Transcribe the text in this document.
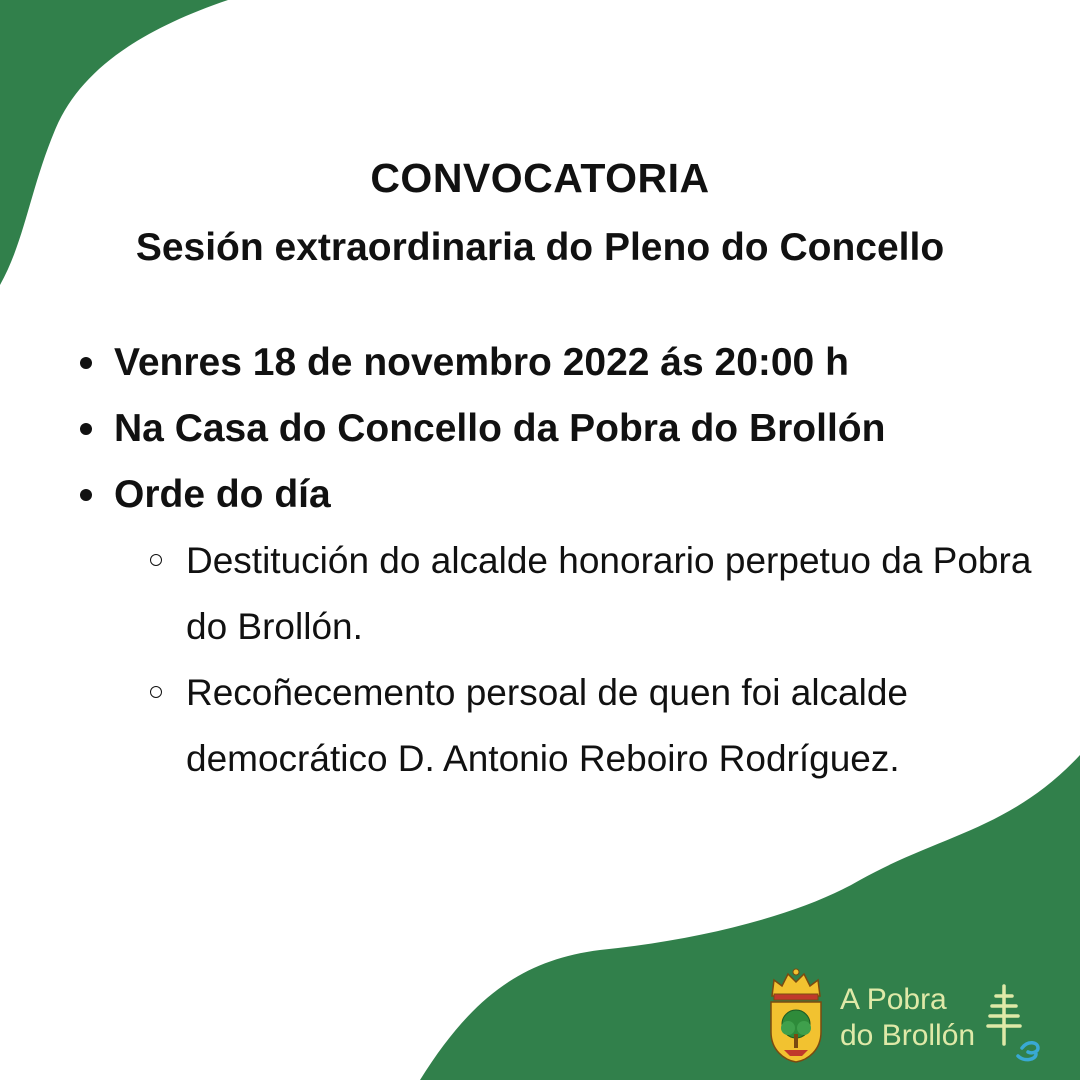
CONVOCATORIA
Sesión extraordinaria do Pleno do Concello
Venres 18 de novembro 2022 ás 20:00 h
Na Casa do Concello da Pobra do Brollón
Orde do día
Destitución do alcalde honorario perpetuo da Pobra do Brollón.
Recoñecemento persoal de quen foi alcalde democrático D. Antonio Reboiro Rodríguez.
A Pobra
do Brollón
